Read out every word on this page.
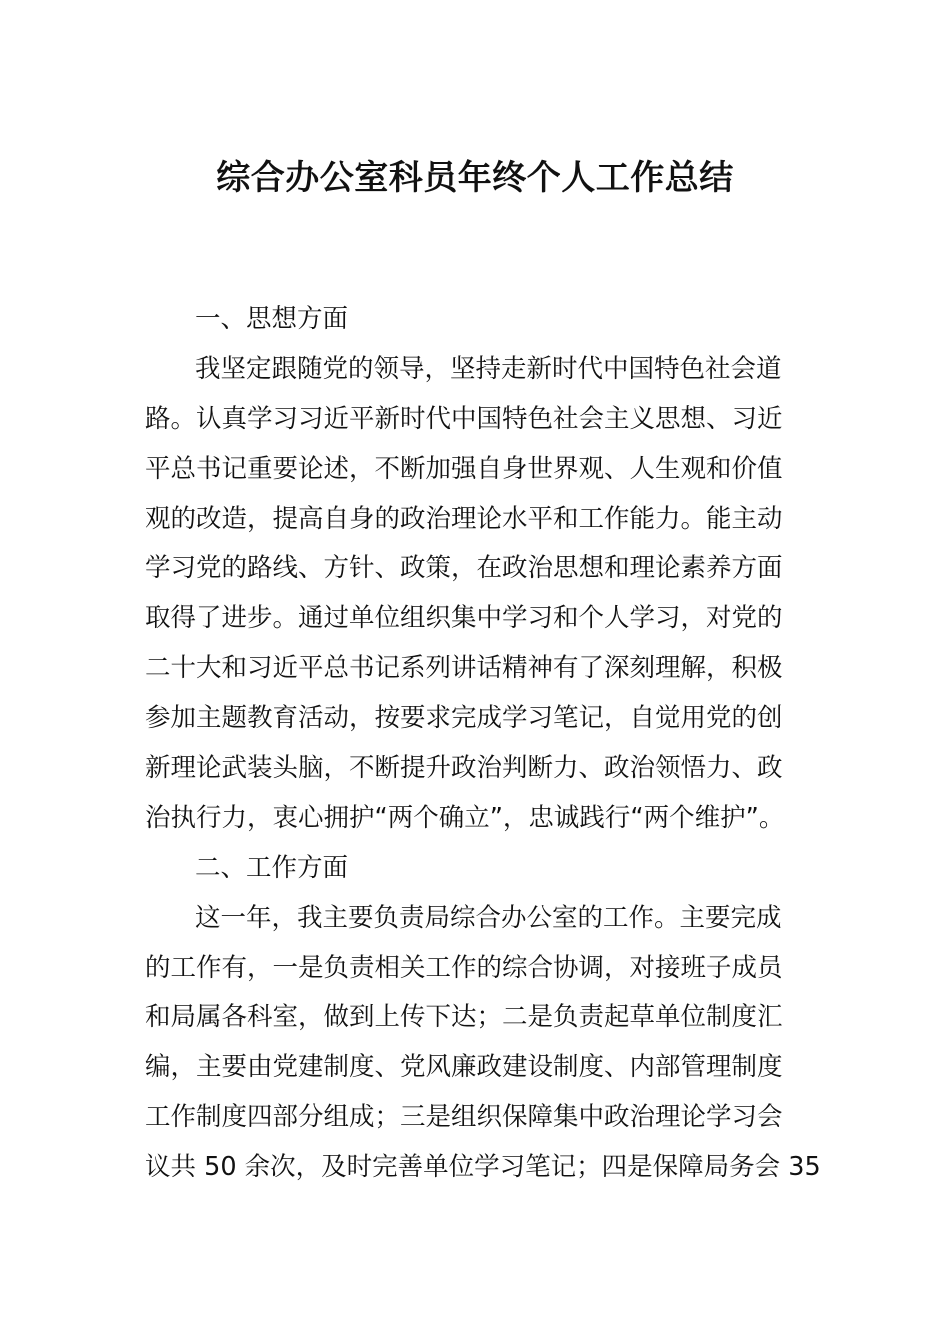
综合办公室科员年终个人工作总结
一、思想方面
我坚定跟随党的领导，坚持走新时代中国特色社会道
路。认真学习习近平新时代中国特色社会主义思想、习近
平总书记重要论述，不断加强自身世界观、人生观和价值
观的改造，提高自身的政治理论水平和工作能力。能主动
学习党的路线、方针、政策，在政治思想和理论素养方面
取得了进步。通过单位组织集中学习和个人学习，对党的
二十大和习近平总书记系列讲话精神有了深刻理解，积极
参加主题教育活动，按要求完成学习笔记，自觉用党的创
新理论武装头脑，不断提升政治判断力、政治领悟力、政
治执行力，衷心拥护“两个确立”，忠诚践行“两个维护”。
二、工作方面
这一年，我主要负责局综合办公室的工作。主要完成
的工作有，一是负责相关工作的综合协调，对接班子成员
和局属各科室，做到上传下达；二是负责起草单位制度汇
编，主要由党建制度、党风廉政建设制度、内部管理制度
工作制度四部分组成；三是组织保障集中政治理论学习会
议共 50 余次，及时完善单位学习笔记；四是保障局务会 35
